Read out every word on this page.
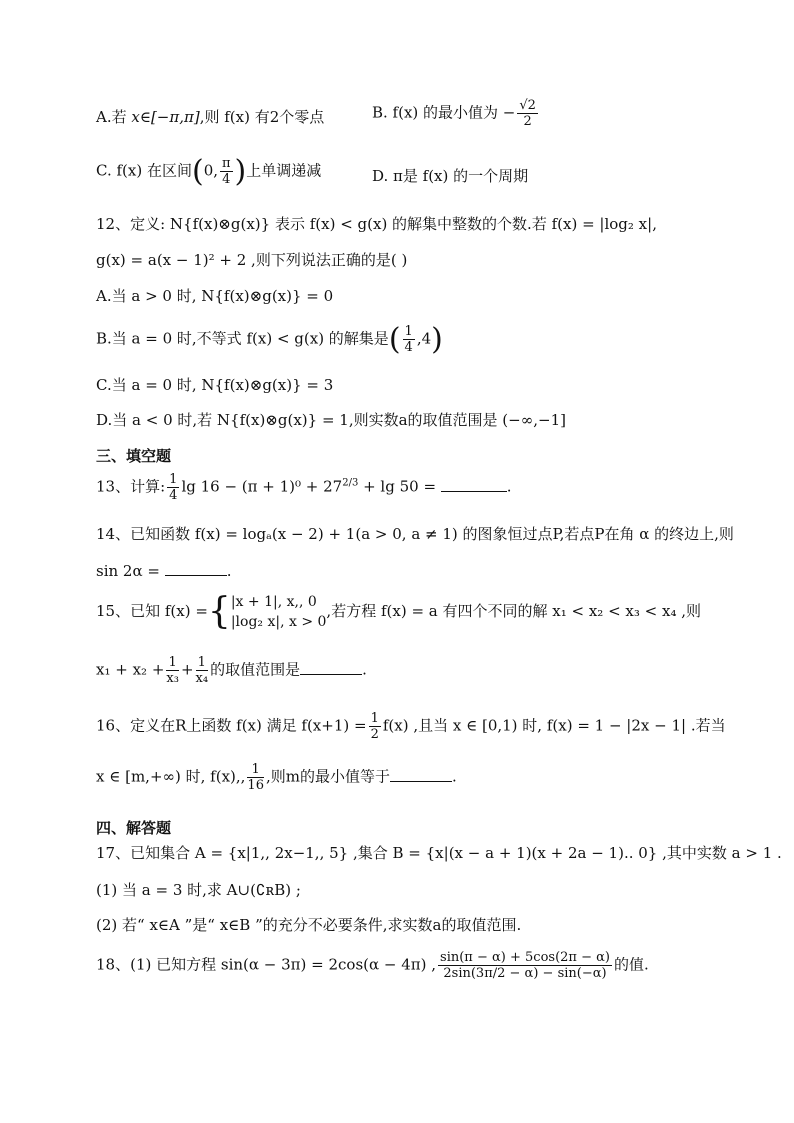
A.若 x∈[−π,π],则 f(x) 有2个零点	B. f(x) 的最小值为 − $\frac{√2}{2}$
C. f(x) 在区间(0, $\frac{\pi}{4}$ )上单调递减	D. π是 f(x) 的一个周期
12、定义: N{f(x)⊗g(x)} 表示 f(x) < g(x) 的解集中整数的个数.若 f(x) = |log₂ x|,
g(x) = a(x − 1)² + 2 ,则下列说法正确的是( )
A.当 a > 0 时, N{f(x)⊗g(x)} = 0
B.当 a = 0 时,不等式 f(x) < g(x) 的解集是( $\frac{1}{4} ,4$)
C.当 a = 0 时, N{f(x)⊗g(x)} = 3
D.当 a < 0 时,若 N{f(x)⊗g(x)} = 1,则实数a的取值范围是 (−∞,−1]
三、填空题
13、计算: $\frac{1}{4}$ $\lg 16 - (\pi + 1)^0 + 27^{2/3} + \lg 50$ =	.
14、已知函数 f(x) = logₐ(x − 2) + 1(a > 0, a ≠ 1) 的图象恒过点P,若点P在角 α 的终边上,则
sin 2α =	.
15、已知 f(x) ={ |x + 1|, x,, 0
|log₂ x|, x > 0
,若方程 f(x) = a 有四个不同的解 x₁ < x₂ < x₃ < x₄ ,则
$x_1 + x_2 + \frac{1}{\text{x₃}} + \frac{1}{\text{x₄}}$ 的取值范围是	.
16、定义在R上函数 f(x) 满足 $f(x+1) = \frac{1}{2} f(x)$ ,且当 x ∈ [0,1) 时, f(x) = 1 − |2x − 1| .若当
x ∈ [m,+∞) 时, f(x),, $\frac{1}{16}$ ,则m的最小值等于	.
四、解答题
17、已知集合 A = {x|1,, 2x−1,, 5} ,集合 B = {x|(x − a + 1)(x + 2a − 1).. 0} ,其中实数 a > 1 .
(1) 当 a = 3 时,求 A∪(∁ʀB) ;
(2) 若“ x∈A ”是“ x∈B ”的充分不必要条件,求实数a的取值范围.
18、(1) 已知方程 sin(α − 3π) = 2cos(α − 4π) , $\frac{\sin(\pi - \alpha) + 5\cos(2\pi - \alpha)}{2\sin(3\pi/2 - \alpha) - \sin(-\alpha)}$ 的值.
